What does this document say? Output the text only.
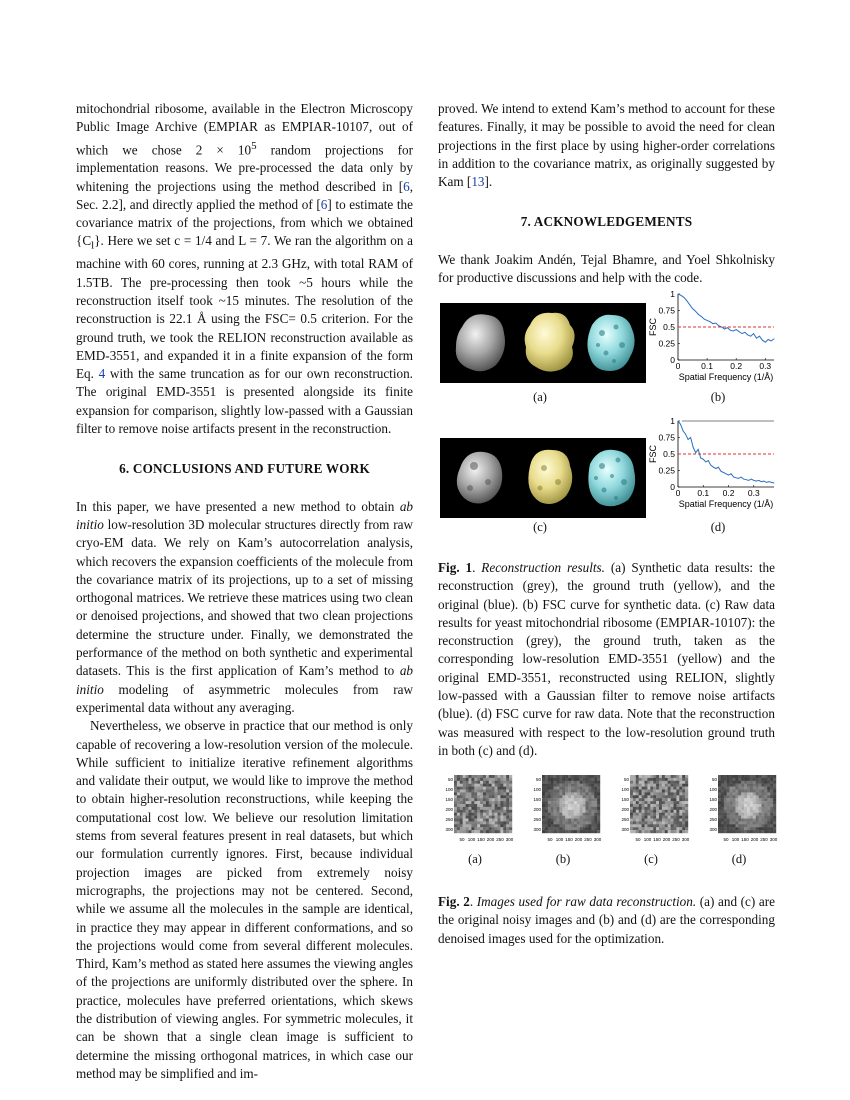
mitochondrial ribosome, available in the Electron Microscopy Public Image Archive (EMPIAR as EMPIAR-10107, out of which we chose $2 \times 10^5$ random projections for implementation reasons. We pre-processed the data only by whitening the projections using the method described in [6, Sec. 2.2], and directly applied the method of [6] to estimate the covariance matrix of the projections, from which we obtained $\{C_l\}$. Here we set c = 1/4 and L = 7. We ran the algorithm on a machine with 60 cores, running at 2.3 GHz, with total RAM of 1.5TB. The pre-processing then took ~5 hours while the reconstruction itself took ~15 minutes. The resolution of the reconstruction is 22.1 Å using the FSC= 0.5 criterion. For the ground truth, we took the RELION reconstruction available as EMD-3551, and expanded it in a finite expansion of the form Eq. 4 with the same truncation as for our own reconstruction. The original EMD-3551 is presented alongside its finite expansion for comparison, slightly low-passed with a Gaussian filter to remove noise artifacts present in the reconstruction.

6. CONCLUSIONS AND FUTURE WORK

In this paper, we have presented a new method to obtain ab initio low-resolution 3D molecular structures directly from raw cryo-EM data. We rely on Kam’s autocorrelation analysis, which recovers the expansion coefficients of the molecule from the covariance matrix of its projections, up to a set of missing orthogonal matrices. We retrieve these matrices using two clean or denoised projections, and showed that two clean projections determine the structure under. Finally, we demonstrated the performance of the method on both synthetic and experimental datasets. This is the first application of Kam’s method to ab initio modeling of asymmetric molecules from raw experimental data without any averaging.

Nevertheless, we observe in practice that our method is only capable of recovering a low-resolution version of the molecule. While sufficient to initialize iterative refinement algorithms and validate their output, we would like to improve the method to obtain higher-resolution reconstructions, while keeping the computational cost low. We believe our resolution limitation stems from several features present in real datasets, but which our formulation currently ignores. First, because individual projection images are picked from extremely noisy micrographs, the projections may not be centered. Second, while we assume all the molecules in the sample are identical, in practice they may appear in different conformations, and so the projections would come from several different molecules. Third, Kam’s method as stated here assumes the viewing angles of the projections are uniformly distributed over the sphere. In practice, molecules have preferred orientations, which skews the distribution of viewing angles. For symmetric molecules, it can be shown that a single clean image is sufficient to determine the missing orthogonal matrices, in which case our method may be simplified and im-

proved. We intend to extend Kam’s method to account for these features. Finally, it may be possible to avoid the need for clean projections in the first place by using higher-order correlations in addition to the covariance matrix, as originally suggested by Kam [13].

7. ACKNOWLEDGEMENTS

We thank Joakim Andén, Tejal Bhamre, and Yoel Shkolnisky for productive discussions and help with the code.

(a)
0
0.25
0.5
0.75
1
0 0.1 0.2 0.3
Spatial Frequency (1/Å)
FSC
(b)
(c)
0
0.25
0.5
0.75
1
0 0.1 0.2 0.3
Spatial Frequency (1/Å)
FSC
(d)
Fig. 1. Reconstruction results. (a) Synthetic data results: the reconstruction (grey), the ground truth (yellow), and the original (blue). (b) FSC curve for synthetic data. (c) Raw data results for yeast mitochondrial ribosome (EMPIAR-10107): the reconstruction (grey), the ground truth, taken as the corresponding low-resolution EMD-3551 (yellow) and the original EMD-3551, reconstructed using RELION, slightly low-passed with a Gaussian filter to remove noise artifacts (blue). (d) FSC curve for raw data. Note that the reconstruction was measured with respect to the low-resolution ground truth in both (c) and (d).
50
100
150
200
250
300
50 100 150 200 250 300
50
100
150
200
250
300
50 100 150 200 250 300
50
100
150
200
250
300
50 100 150 200 250 300
50
100
150
200
250
300
50 100 150 200 250 300
(a)	(b)	(c)	(d)
Fig. 2. Images used for raw data reconstruction. (a) and (c) are the original noisy images and (b) and (d) are the corresponding denoised images used for the optimization.
